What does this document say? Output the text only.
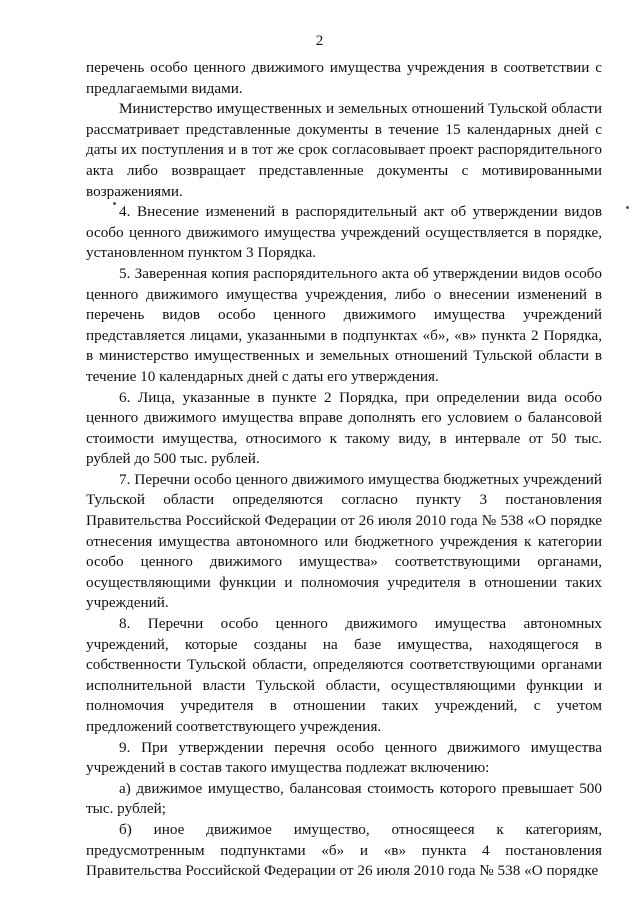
2

перечень особо ценного движимого имущества учреждения в соответствии с предлагаемыми видами.

Министерство имущественных и земельных отношений Тульской области рассматривает представленные документы в течение 15 календарных дней с даты их поступления и в тот же срок согласовывает проект распорядительного акта либо возвращает представленные документы с мотивированными возражениями.

4. Внесение изменений в распорядительный акт об утверждении видов особо ценного движимого имущества учреждений осуществляется в порядке, установленном пунктом 3 Порядка.

5. Заверенная копия распорядительного акта об утверждении видов особо ценного движимого имущества учреждения, либо о внесении изменений в перечень видов особо ценного движимого имущества учреждений представляется лицами, указанными в подпунктах «б», «в» пункта 2 Порядка, в министерство имущественных и земельных отношений Тульской области в течение 10 календарных дней с даты его утверждения.

6. Лица, указанные в пункте 2 Порядка, при определении вида особо ценного движимого имущества вправе дополнять его условием о балансовой стоимости имущества, относимого к такому виду, в интервале от 50 тыс. рублей до 500 тыс. рублей.

7. Перечни особо ценного движимого имущества бюджетных учреждений Тульской области определяются согласно пункту 3 постановления Правительства Российской Федерации от 26 июля 2010 года № 538 «О порядке отнесения имущества автономного или бюджетного учреждения к категории особо ценного движимого имущества» соответствующими органами, осуществляющими функции и полномочия учредителя в отношении таких учреждений.

8. Перечни особо ценного движимого имущества автономных учреждений, которые созданы на базе имущества, находящегося в собственности Тульской области, определяются соответствующими органами исполнительной власти Тульской области, осуществляющими функции и полномочия учредителя в отношении таких учреждений, с учетом предложений соответствующего учреждения.

9. При утверждении перечня особо ценного движимого имущества учреждений в состав такого имущества подлежат включению:

а) движимое имущество, балансовая стоимость которого превышает 500 тыс. рублей;

б) иное движимое имущество, относящееся к категориям, предусмотренным подпунктами «б» и «в» пункта 4 постановления Правительства Российской Федерации от 26 июля 2010 года № 538 «О порядке
